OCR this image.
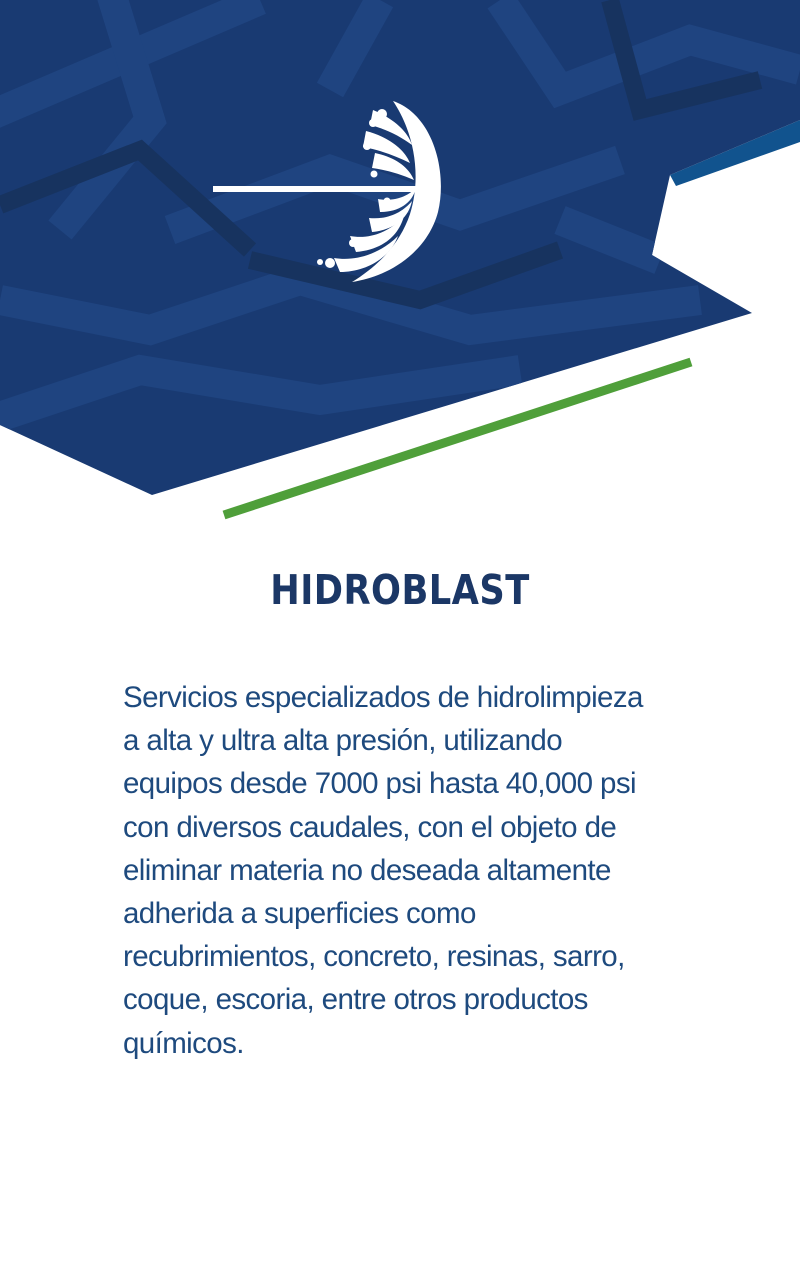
HIDROBLAST

Servicios especializados de hidrolimpieza
a alta y ultra alta presión, utilizando
equipos desde 7000 psi hasta 40,000 psi
con diversos caudales, con el objeto de
eliminar materia no deseada altamente
adherida a superficies como
recubrimientos, concreto, resinas, sarro,
coque, escoria, entre otros productos
químicos.
